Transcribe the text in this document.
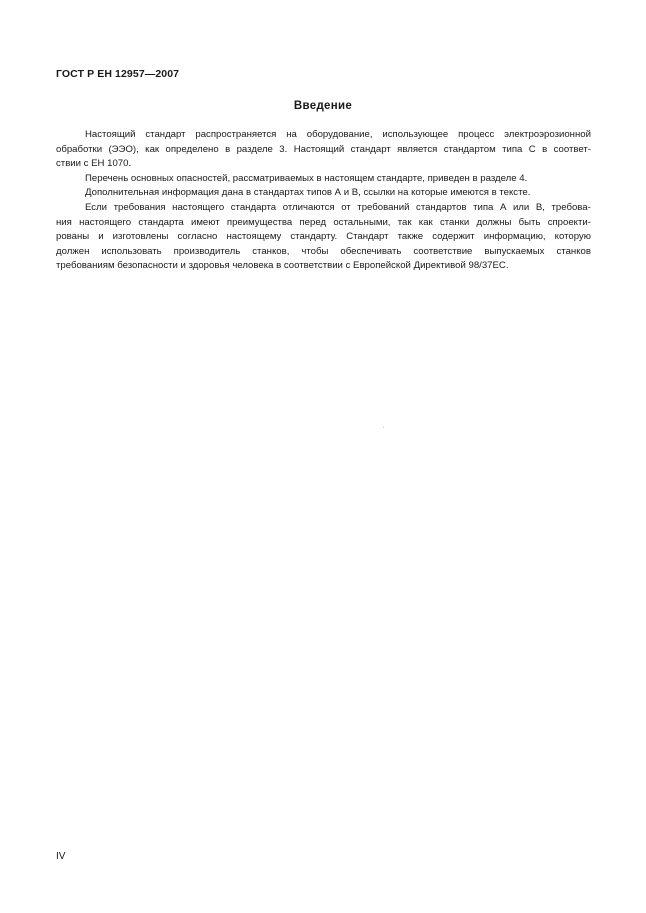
ГОСТ Р ЕН 12957—2007
Введение
Настоящий стандарт распространяется на оборудование, использующее процесс электроэрозионной
обработки (ЭЭО), как определено в разделе 3. Настоящий стандарт является стандартом типа С в соответ-
ствии с ЕН 1070.
Перечень основных опасностей, рассматриваемых в настоящем стандарте, приведен в разделе 4.
Дополнительная информация дана в стандартах типов А и В, ссылки на которые имеются в тексте.
Если требования настоящего стандарта отличаются от требований стандартов типа А или В, требова-
ния настоящего стандарта имеют преимущества перед остальными, так как станки должны быть спроекти-
рованы и изготовлены согласно настоящему стандарту. Стандарт также содержит информацию, которую
должен использовать производитель станков, чтобы обеспечивать соответствие выпускаемых станков
требованиям безопасности и здоровья человека в соответствии с Европейской Директивой 98/37ЕС.
IV
